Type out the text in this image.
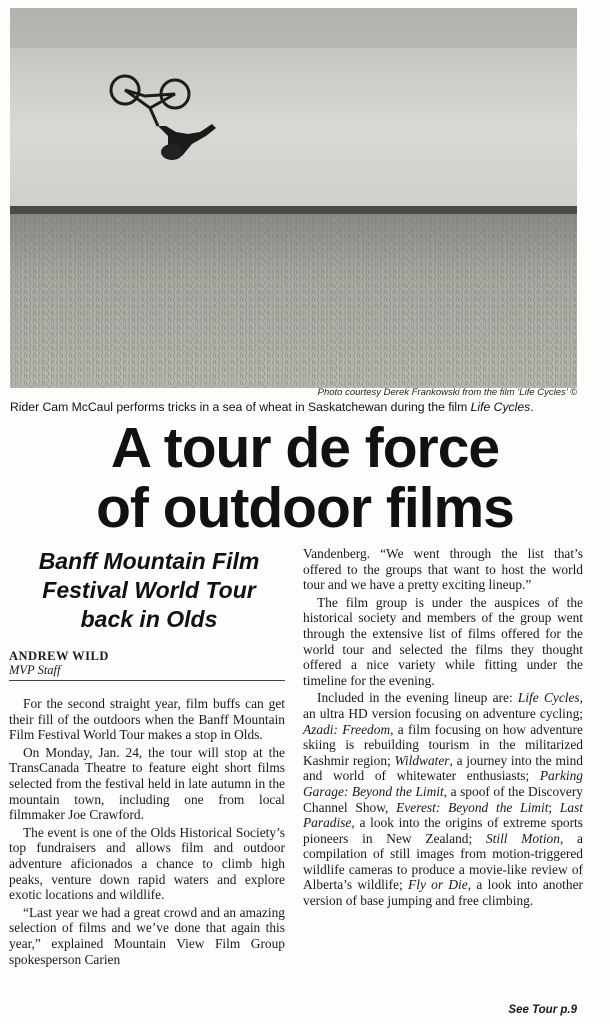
Photo courtesy Derek Frankowski from the film ‘Life Cycles’ ©
Rider Cam McCaul performs tricks in a sea of wheat in Saskatchewan during the film Life Cycles.
A tour de force
of outdoor films
Banff Mountain Film
Festival World Tour
back in Olds
ANDREW WILD
MVP Staff

For the second straight year, film buffs can get their fill of the outdoors when the Banff Mountain Film Festival World Tour makes a stop in Olds.

On Monday, Jan. 24, the tour will stop at the TransCanada Theatre to feature eight short films selected from the festival held in late autumn in the mountain town, including one from local filmmaker Joe Crawford.

The event is one of the Olds Historical Society’s top fundraisers and allows film and outdoor adventure aficionados a chance to climb high peaks, venture down rapid waters and explore exotic locations and wildlife.

“Last year we had a great crowd and an amazing selection of films and we’ve done that again this year,” explained Mountain View Film Group spokesperson Carien

Vandenberg. “We went through the list that’s offered to the groups that want to host the world tour and we have a pretty exciting lineup.”

The film group is under the auspices of the historical society and members of the group went through the extensive list of films offered for the world tour and selected the films they thought offered a nice variety while fitting under the timeline for the evening.

Included in the evening lineup are: Life Cycles, an ultra HD version focusing on adventure cycling; Azadi: Freedom, a film focusing on how adventure skiing is rebuilding tourism in the militarized Kashmir region; Wildwater, a journey into the mind and world of whitewater enthusiasts; Parking Garage: Beyond the Limit, a spoof of the Discovery Channel Show, Everest: Beyond the Limit; Last Paradise, a look into the origins of extreme sports pioneers in New Zealand; Still Motion, a compilation of still images from motion-triggered wildlife cameras to produce a movie-like review of Alberta’s wildlife; Fly or Die, a look into another version of base jumping and free climbing.

See Tour p.9
